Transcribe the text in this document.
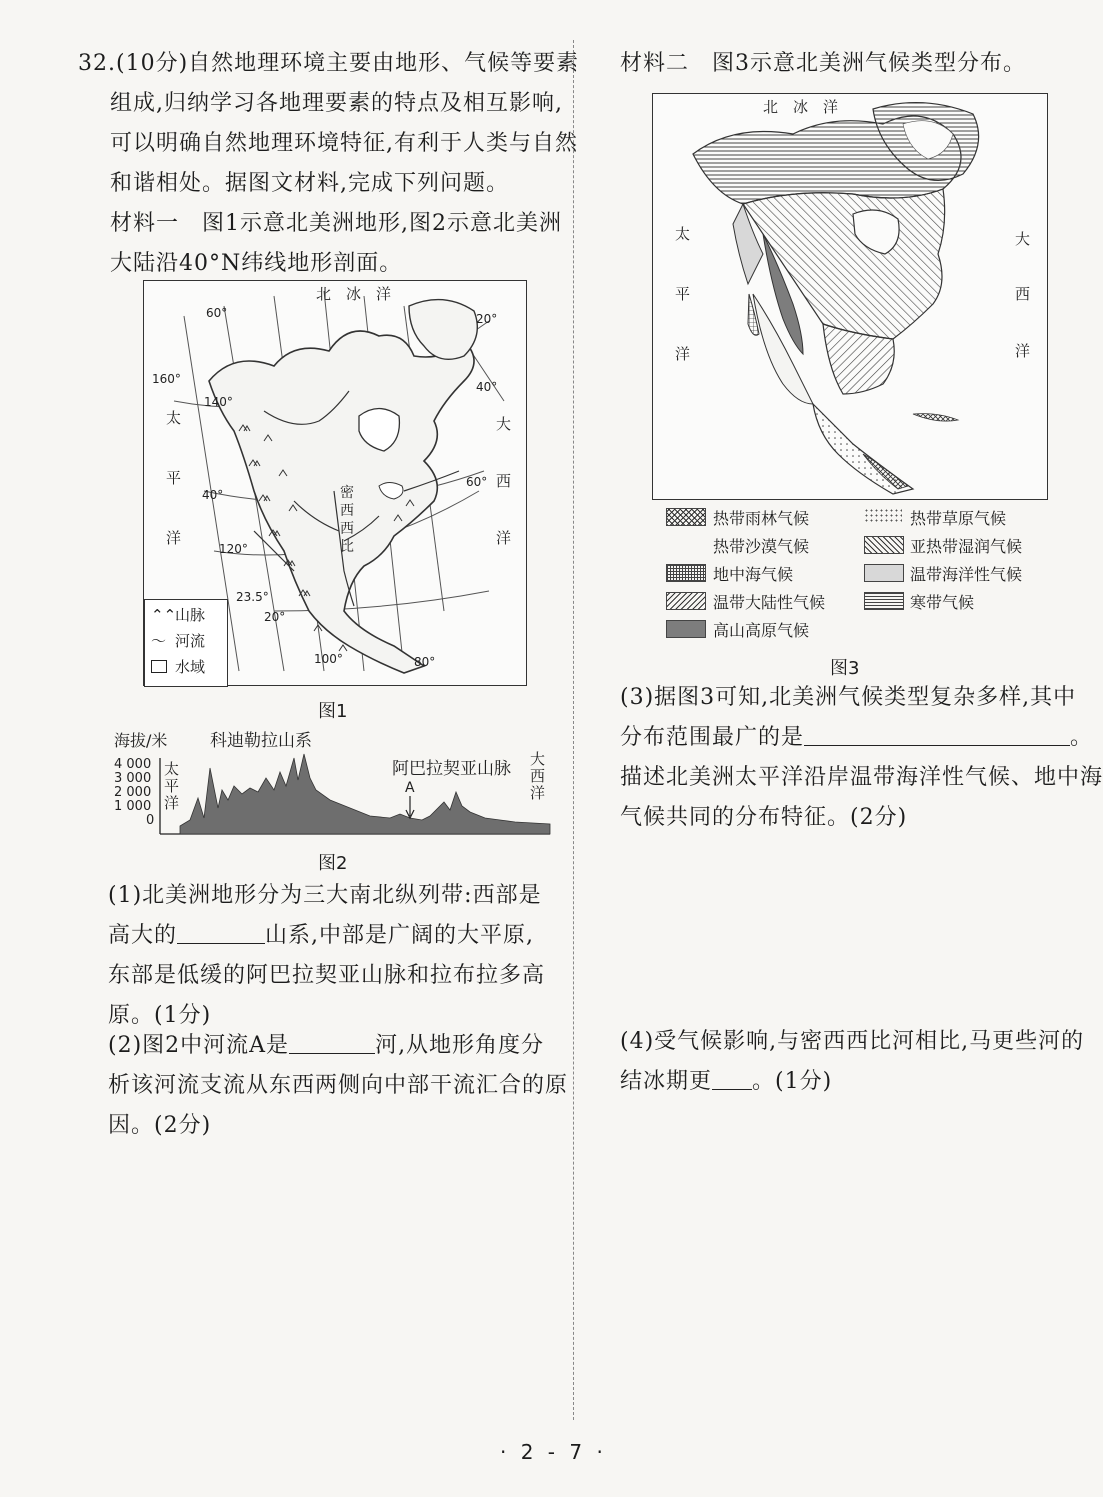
32.(10分)自然地理环境主要由地形、气候等要素
组成,归纳学习各地理要素的特点及相互影响,
可以明确自然地理环境特征,有利于人类与自然
和谐相处。据图文材料,完成下列问题。
材料一　图1示意北美洲地形,图2示意北美洲
大陆沿40°N纬线地形剖面。
北　冰　洋
太
平
洋
大
西
洋
密
西
西
比
160°
140°
120°
100°	80°
60°
40°
20°
60°
40°
23.5°
20°
⌃⌃山脉
〜 河流
水域
图1
海拔/米
4 000
3 000
2 000
1 000
0
太
平
洋
大
西
洋
科迪勒拉山系
阿巴拉契亚山脉
A
图2
(1)北美洲地形分为三大南北纵列带:西部是
高大的	山系,中部是广阔的大平原,
东部是低缓的阿巴拉契亚山脉和拉布拉多高
原。(1分)
(2)图2中河流A是	河,从地形角度分
析该河流支流从东西两侧向中部干流汇合的原
因。(2分)
材料二　图3示意北美洲气候类型分布。
北　冰　洋
太
平
洋
大
西
洋
热带雨林气候	热带草原气候
热带沙漠气候	亚热带湿润气候
地中海气候	温带海洋性气候
温带大陆性气候	寒带气候
高山高原气候
图3
(3)据图3可知,北美洲气候类型复杂多样,其中
分布范围最广的是	。
描述北美洲太平洋沿岸温带海洋性气候、地中海
气候共同的分布特征。(2分)
(4)受气候影响,与密西西比河相比,马更些河的
结冰期更 。(1分)
· 2 - 7 ·
